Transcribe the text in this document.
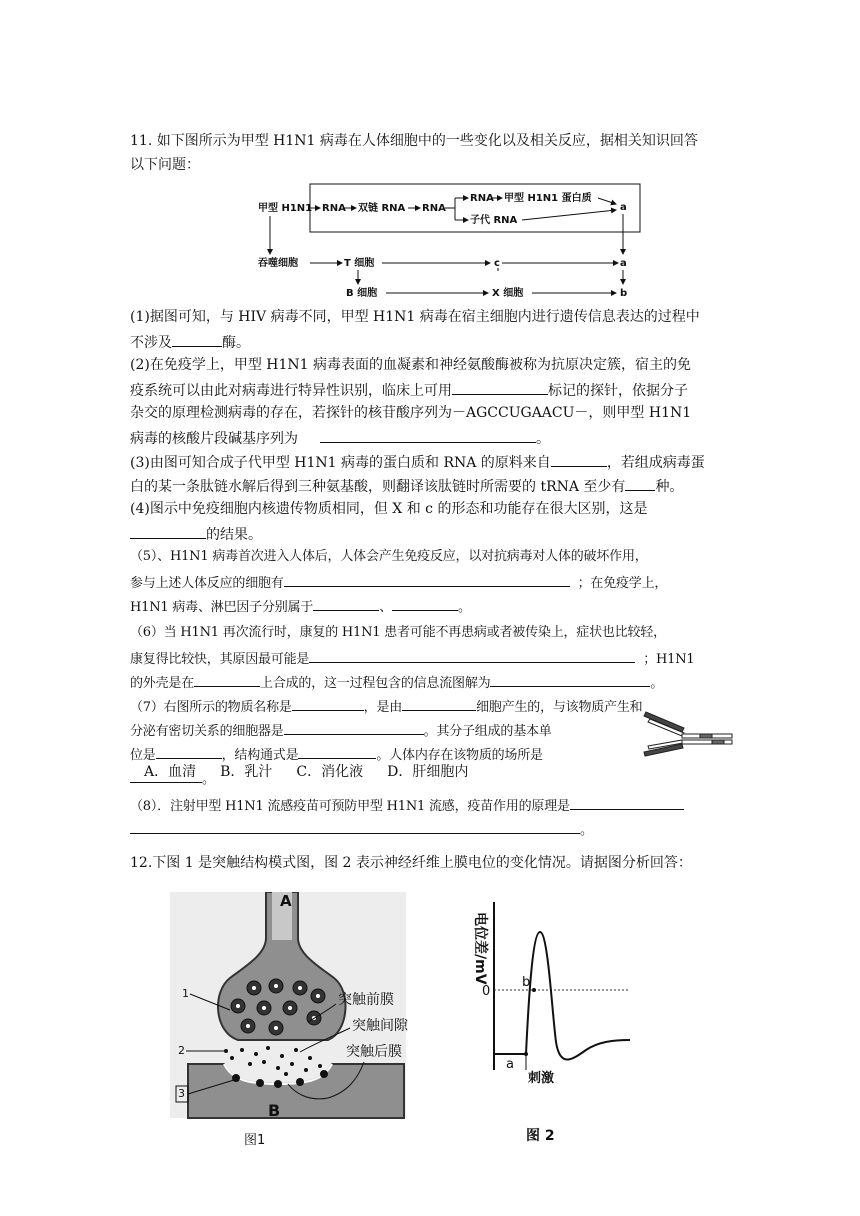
11. 如下图所示为甲型 H1N1 病毒在人体细胞中的一些变化以及相关反应，据相关知识回答
以下问题：
甲型 H1N1 RNA 双链 RNA RNA
RNA 甲型 H1N1 蛋白质
子代 RNA
a
吞噬细胞	T 细胞	c	a
B 细胞	X 细胞	b
(1)据图可知，与 HIV 病毒不同，甲型 H1N1 病毒在宿主细胞内进行遗传信息表达的过程中
不涉及	酶。
(2)在免疫学上，甲型 H1N1 病毒表面的血凝素和神经氨酸酶被称为抗原决定簇，宿主的免
疫系统可以由此对病毒进行特异性识别，临床上可用	标记的探针，依据分子
杂交的原理检测病毒的存在，若探针的核苷酸序列为－AGCCUGAACU－，则甲型 H1N1
病毒的核酸片段碱基序列为	。
(3)由图可知合成子代甲型 H1N1 病毒的蛋白质和 RNA 的原料来自	，若组成病毒蛋
白的某一条肽链水解后得到三种氨基酸，则翻译该肽链时所需要的 tRNA 至少有 种。
(4)图示中免疫细胞内核遗传物质相同，但 X 和 c 的形态和功能存在很大区别，这是
的结果。
（5）、H1N1 病毒首次进入人体后，人体会产生免疫反应，以对抗病毒对人体的破坏作用，
参与上述人体反应的细胞有	；在免疫学上，
H1N1 病毒、淋巴因子分别属于	、	。
（6）当 H1N1 再次流行时，康复的 H1N1 患者可能不再患病或者被传染上，症状也比较轻，
康复得比较快，其原因最可能是	；H1N1
的外壳是在	上合成的，这一过程包含的信息流图解为	。
（7）右图所示的物质名称是	，是由	细胞产生的，与该物质产生和
分泌有密切关系的细胞器是	。其分子组成的基本单
位是	，结构通式是	。人体内存在该物质的场所是
。
A．血清 B．乳汁 C．消化液 D．肝细胞内
（8）．注射甲型 H1N1 流感疫苗可预防甲型 H1N1 流感，疫苗作用的原理是
。
12.下图 1 是突触结构模式图，图 2 表示神经纤维上膜电位的变化情况。请据图分析回答：
A
B
1
2
3
突触前膜
突触间隙
突触后膜
图1
电位差/mV
0
b
a
刺激
图 2
